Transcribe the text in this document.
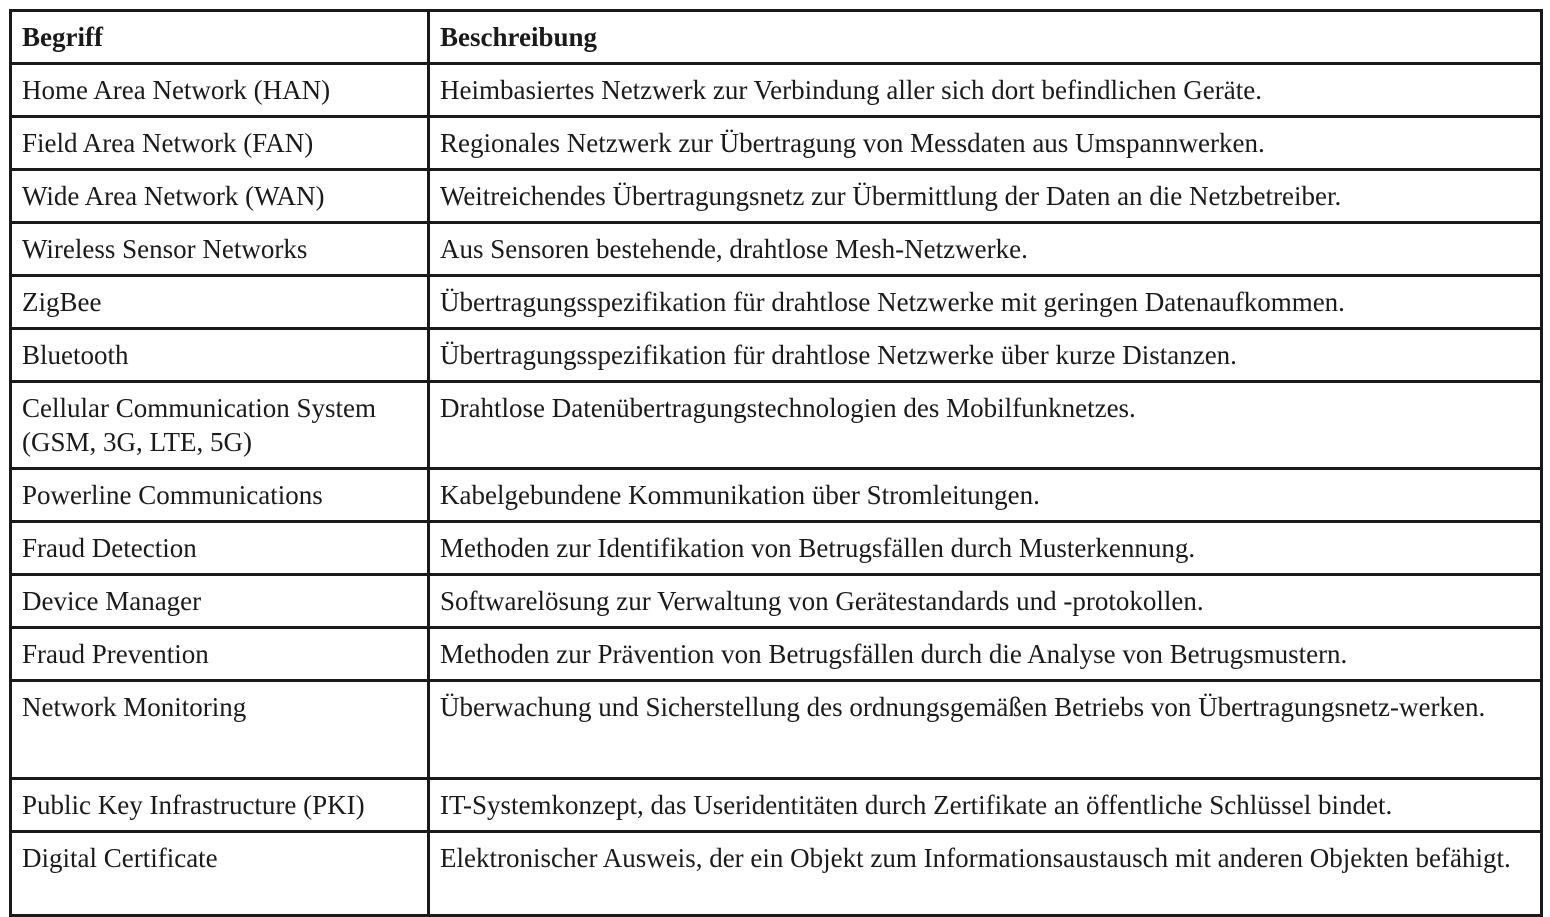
Begriff	Beschreibung
Home Area Network (HAN)	Heimbasiertes Netzwerk zur Verbindung aller sich dort befindlichen Geräte.
Field Area Network (FAN)	Regionales Netzwerk zur Übertragung von Messdaten aus Umspannwerken.
Wide Area Network (WAN)	Weitreichendes Übertragungsnetz zur Übermittlung der Daten an die Netzbetreiber.
Wireless Sensor Networks	Aus Sensoren bestehende, drahtlose Mesh-Netzwerke.
ZigBee	Übertragungsspezifikation für drahtlose Netzwerke mit geringen Datenaufkommen.
Bluetooth	Übertragungsspezifikation für drahtlose Netzwerke über kurze Distanzen.
Cellular Communication System (GSM, 3G, LTE, 5G)	Drahtlose Datenübertragungstechnologien des Mobilfunknetzes.
Powerline Communications	Kabelgebundene Kommunikation über Stromleitungen.
Fraud Detection	Methoden zur Identifikation von Betrugsfällen durch Musterkennung.
Device Manager	Softwarelösung zur Verwaltung von Gerätestandards und -protokollen.
Fraud Prevention	Methoden zur Prävention von Betrugsfällen durch die Analyse von Betrugsmustern.
Network Monitoring	Überwachung und Sicherstellung des ordnungsgemäßen Betriebs von Übertragungsnetz-werken.
Public Key Infrastructure (PKI)	IT-Systemkonzept, das Useridentitäten durch Zertifikate an öffentliche Schlüssel bindet.
Digital Certificate	Elektronischer Ausweis, der ein Objekt zum Informationsaustausch mit anderen Objekten befähigt.
